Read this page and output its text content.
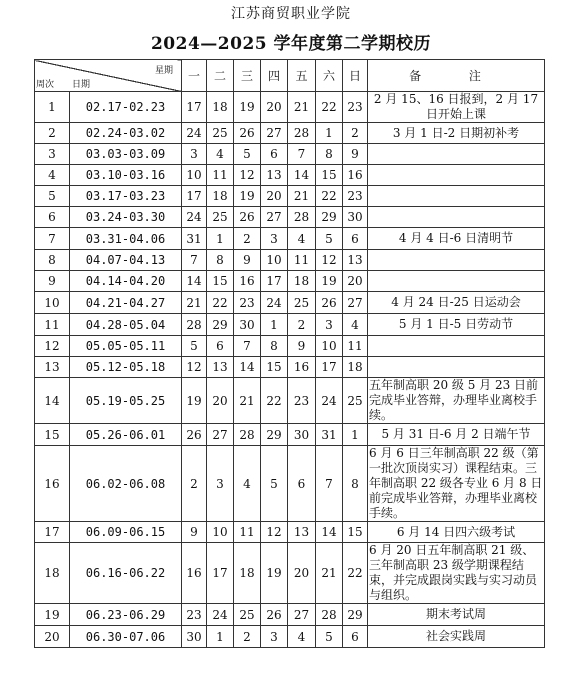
江苏商贸职业学院
2024—2025 学年度第二学期校历
星期
日期
周次		一	二	三	四	五	六	日	备 注
1	02.17-02.23	17	18	19	20	21	22	23	2 月 15、16 日报到，2 月 17 日开始上课
2	02.24-03.02	24	25	26	27	28	1	2	3 月 1 日-2 日期初补考
3	03.03-03.09	3	4	5	6	7	8	9	
4	03.10-03.16	10	11	12	13	14	15	16	
5	03.17-03.23	17	18	19	20	21	22	23	
6	03.24-03.30	24	25	26	27	28	29	30	
7	03.31-04.06	31	1	2	3	4	5	6	4 月 4 日-6 日清明节
8	04.07-04.13	7	8	9	10	11	12	13	
9	04.14-04.20	14	15	16	17	18	19	20	
10	04.21-04.27	21	22	23	24	25	26	27	4 月 24 日-25 日运动会
11	04.28-05.04	28	29	30	1	2	3	4	5 月 1 日-5 日劳动节
12	05.05-05.11	5	6	7	8	9	10	11	
13	05.12-05.18	12	13	14	15	16	17	18	
14	05.19-05.25	19	20	21	22	23	24	25	五年制高职 20 级 5 月 23 日前完成毕业答辩，办理毕业离校手续。
15	05.26-06.01	26	27	28	29	30	31	1	5 月 31 日-6 月 2 日端午节
16	06.02-06.08	2	3	4	5	6	7	8	6 月 6 日三年制高职 22 级（第一批次顶岗实习）课程结束。三年制高职 22 级各专业 6 月 8 日前完成毕业答辩，办理毕业离校手续。
17	06.09-06.15	9	10	11	12	13	14	15	6 月 14 日四六级考试
18	06.16-06.22	16	17	18	19	20	21	22	6 月 20 日五年制高职 21 级、三年制高职 23 级学期课程结束，并完成跟岗实践与实习动员与组织。
19	06.23-06.29	23	24	25	26	27	28	29	期末考试周
20	06.30-07.06	30	1	2	3	4	5	6	社会实践周
